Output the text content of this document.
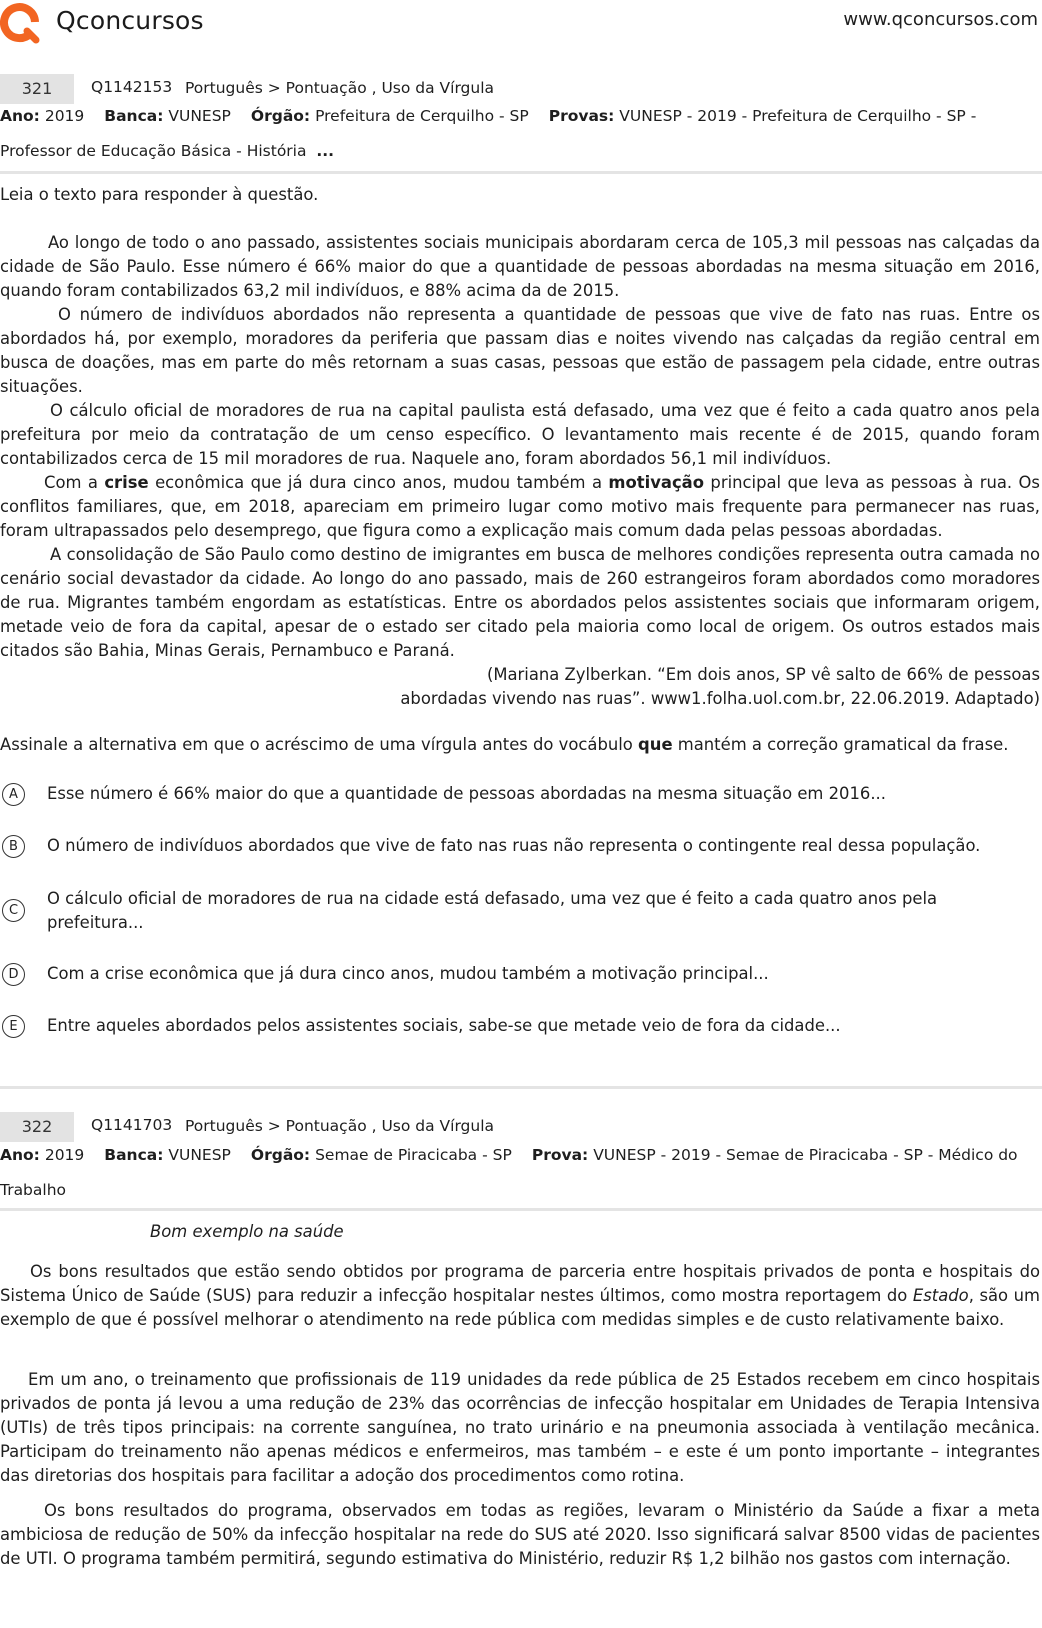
Qconcursos	www.qconcursos.com
321	Q1142153 Português > Pontuação , Uso da Vírgula
Ano: 2019 Banca: VUNESP Órgão: Prefeitura de Cerquilho - SP Provas: VUNESP - 2019 - Prefeitura de Cerquilho - SP - Professor de Educação Básica - História ...

Leia o texto para responder à questão.

Ao longo de todo o ano passado, assistentes sociais municipais abordaram cerca de 105,3 mil pessoas nas calçadas da cidade de São Paulo. Esse número é 66% maior do que a quantidade de pessoas abordadas na mesma situação em 2016, quando foram contabilizados 63,2 mil indivíduos, e 88% acima da de 2015.

O número de indivíduos abordados não representa a quantidade de pessoas que vive de fato nas ruas. Entre os abordados há, por exemplo, moradores da periferia que passam dias e noites vivendo nas calçadas da região central em busca de doações, mas em parte do mês retornam a suas casas, pessoas que estão de passagem pela cidade, entre outras situações.

O cálculo oficial de moradores de rua na capital paulista está defasado, uma vez que é feito a cada quatro anos pela prefeitura por meio da contratação de um censo específico. O levantamento mais recente é de 2015, quando foram contabilizados cerca de 15 mil moradores de rua. Naquele ano, foram abordados 56,1 mil indivíduos.

Com a crise econômica que já dura cinco anos, mudou também a motivação principal que leva as pessoas à rua. Os conflitos familiares, que, em 2018, apareciam em primeiro lugar como motivo mais frequente para permanecer nas ruas, foram ultrapassados pelo desemprego, que figura como a explicação mais comum dada pelas pessoas abordadas.

A consolidação de São Paulo como destino de imigrantes em busca de melhores condições representa outra camada no cenário social devastador da cidade. Ao longo do ano passado, mais de 260 estrangeiros foram abordados como moradores de rua. Migrantes também engordam as estatísticas. Entre os abordados pelos assistentes sociais que informaram origem, metade veio de fora da capital, apesar de o estado ser citado pela maioria como local de origem. Os outros estados mais citados são Bahia, Minas Gerais, Pernambuco e Paraná.

(Mariana Zylberkan. “Em dois anos, SP vê salto de 66% de pessoas
abordadas vivendo nas ruas”. www1.folha.uol.com.br, 22.06.2019. Adaptado)

Assinale a alternativa em que o acréscimo de uma vírgula antes do vocábulo que mantém a correção gramatical da frase.
A	Esse número é 66% maior do que a quantidade de pessoas abordadas na mesma situação em 2016...
B	O número de indivíduos abordados que vive de fato nas ruas não representa o contingente real dessa população.
C
O cálculo oficial de moradores de rua na cidade está defasado, uma vez que é feito a cada quatro anos pela prefeitura...
D	Com a crise econômica que já dura cinco anos, mudou também a motivação principal...
E	Entre aqueles abordados pelos assistentes sociais, sabe-se que metade veio de fora da cidade...
322	Q1141703 Português > Pontuação , Uso da Vírgula
Ano: 2019 Banca: VUNESP Órgão: Semae de Piracicaba - SP Prova: VUNESP - 2019 - Semae de Piracicaba - SP - Médico do Trabalho
Bom exemplo na saúde

Os bons resultados que estão sendo obtidos por programa de parceria entre hospitais privados de ponta e hospitais do Sistema Único de Saúde (SUS) para reduzir a infecção hospitalar nestes últimos, como mostra reportagem do Estado, são um exemplo de que é possível melhorar o atendimento na rede pública com medidas simples e de custo relativamente baixo.

Em um ano, o treinamento que profissionais de 119 unidades da rede pública de 25 Estados recebem em cinco hospitais privados de ponta já levou a uma redução de 23% das ocorrências de infecção hospitalar em Unidades de Terapia Intensiva (UTIs) de três tipos principais: na corrente sanguínea, no trato urinário e na pneumonia associada à ventilação mecânica. Participam do treinamento não apenas médicos e enfermeiros, mas também – e este é um ponto importante – integrantes das diretorias dos hospitais para facilitar a adoção dos procedimentos como rotina.

Os bons resultados do programa, observados em todas as regiões, levaram o Ministério da Saúde a fixar a meta ambiciosa de redução de 50% da infecção hospitalar na rede do SUS até 2020. Isso significará salvar 8500 vidas de pacientes de UTI. O programa também permitirá, segundo estimativa do Ministério, reduzir R$ 1,2 bilhão nos gastos com internação.
